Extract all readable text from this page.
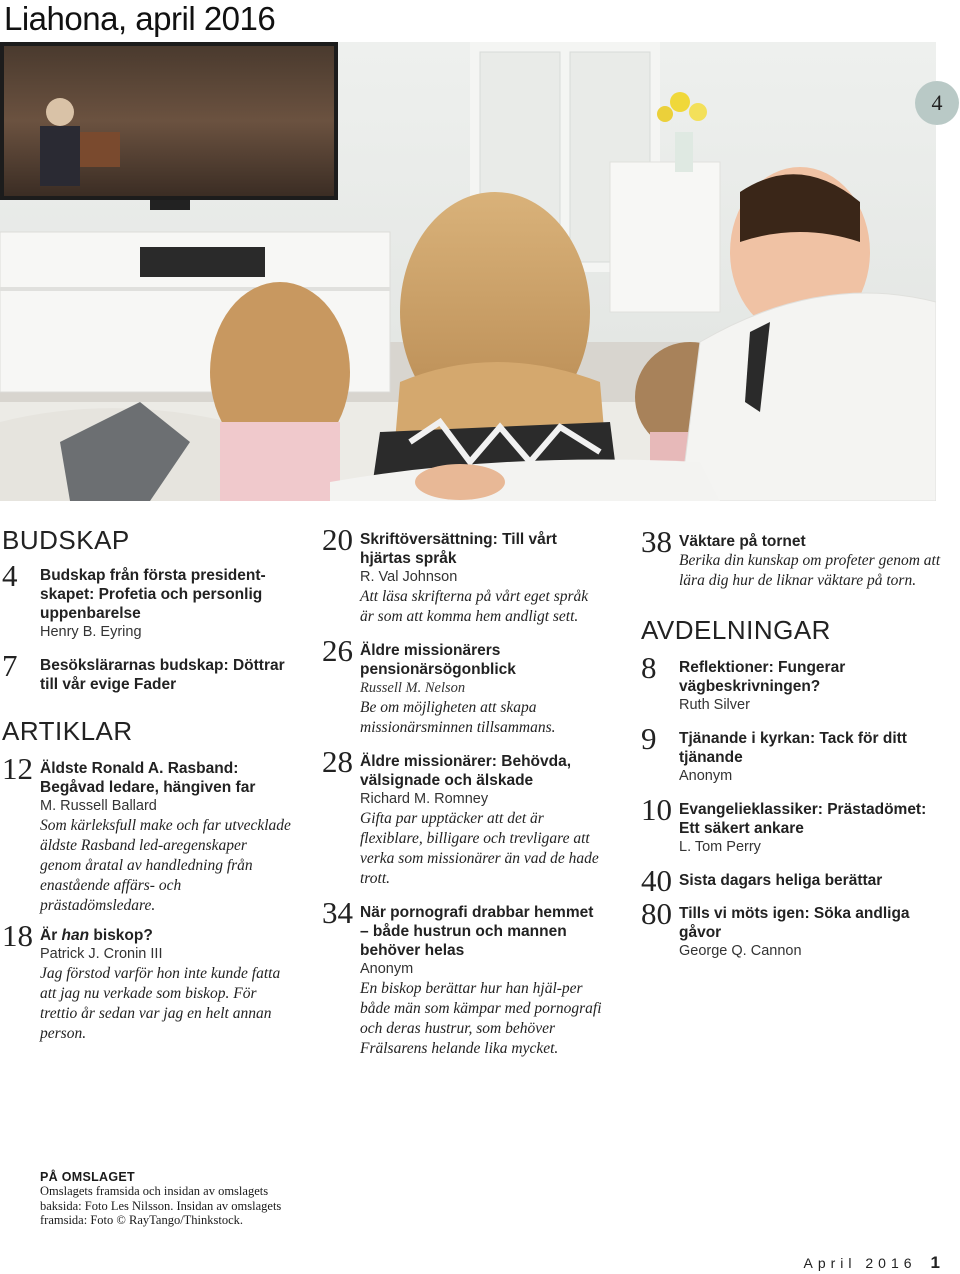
Liahona, april 2016
4
BUDSKAP
4 Budskap från första president-skapet: Profetia och personlig uppenbarelse
Henry B. Eyring
7 Besökslärarnas budskap: Döttrar till vår evige Fader
ARTIKLAR
12 Äldste Ronald A. Rasband: Begåvad ledare, hängiven far
M. Russell Ballard
Som kärleksfull make och far utvecklade äldste Rasband led-aregenskaper genom åratal av handledning från enastående affärs- och prästadömsledare.
18 Är han biskop?
Patrick J. Cronin III
Jag förstod varför hon inte kunde fatta att jag nu verkade som biskop. För trettio år sedan var jag en helt annan person.
20 Skriftöversättning: Till vårt hjärtas språk
R. Val Johnson
Att läsa skrifterna på vårt eget språk är som att komma hem andligt sett.
26 Äldre missionärers pensionärsögonblick
Russell M. Nelson
Be om möjligheten att skapa missionärsminnen tillsammans.
28 Äldre missionärer: Behövda, välsignade och älskade
Richard M. Romney
Gifta par upptäcker att det är flexiblare, billigare och trevligare att verka som missionärer än vad de hade trott.
34 När pornografi drabbar hemmet – både hustrun och mannen behöver helas
Anonym
En biskop berättar hur han hjäl-per både män som kämpar med pornografi och deras hustrur, som behöver Frälsarens helande lika mycket.
38 Väktare på tornet
Berika din kunskap om profeter genom att lära dig hur de liknar väktare på torn.
AVDELNINGAR
8 Reflektioner: Fungerar vägbeskrivningen?
Ruth Silver
9 Tjänande i kyrkan: Tack för ditt tjänande
Anonym
10 Evangelieklassiker: Prästadömet: Ett säkert ankare
L. Tom Perry
40 Sista dagars heliga berättar
80 Tills vi möts igen: Söka andliga gåvor
George Q. Cannon
PÅ OMSLAGET
Omslagets framsida och insidan av omslagets baksida: Foto Les Nilsson. Insidan av omslagets framsida: Foto © RayTango/Thinkstock.
April 2016 1
